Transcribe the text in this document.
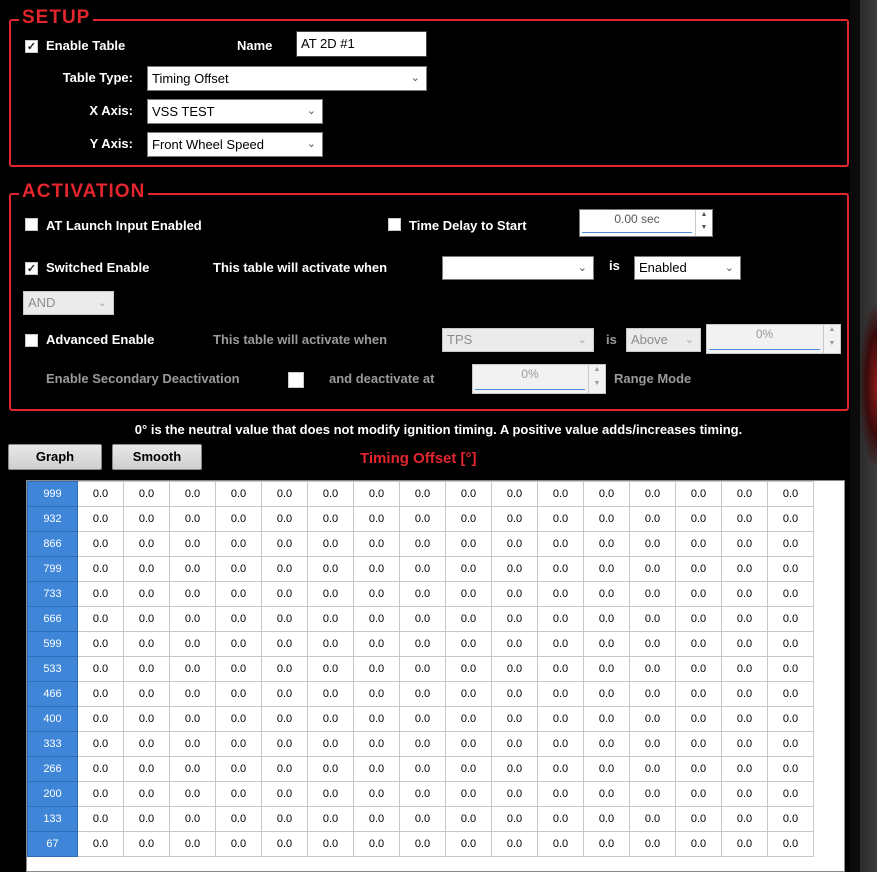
SETUP
✓
Enable Table	Name	AT 2D #1
Table Type:	Timing Offset	⌄
X Axis:	VSS TEST	⌄
Y Axis:	Front Wheel Speed	⌄
ACTIVATION
AT Launch Input Enabled	Time Delay to Start	0.00 sec	▲
▼
✓
Switched Enable	This table will activate when	⌄ is	Enabled	⌄
AND	⌄
Advanced Enable	This table will activate when	TPS	⌄ is	Above ⌄	0%	▲
▼
Enable Secondary Deactivation	and deactivate at	0%	▲
▼	Range Mode
0° is the neutral value that does not modify ignition timing. A positive value adds/increases timing.
Graph	Smooth	Timing Offset [°]
999	0.0	0.0	0.0	0.0	0.0	0.0	0.0	0.0	0.0	0.0	0.0	0.0	0.0	0.0	0.0	0.0
932	0.0	0.0	0.0	0.0	0.0	0.0	0.0	0.0	0.0	0.0	0.0	0.0	0.0	0.0	0.0	0.0
866	0.0	0.0	0.0	0.0	0.0	0.0	0.0	0.0	0.0	0.0	0.0	0.0	0.0	0.0	0.0	0.0
799	0.0	0.0	0.0	0.0	0.0	0.0	0.0	0.0	0.0	0.0	0.0	0.0	0.0	0.0	0.0	0.0
733	0.0	0.0	0.0	0.0	0.0	0.0	0.0	0.0	0.0	0.0	0.0	0.0	0.0	0.0	0.0	0.0
666	0.0	0.0	0.0	0.0	0.0	0.0	0.0	0.0	0.0	0.0	0.0	0.0	0.0	0.0	0.0	0.0
599	0.0	0.0	0.0	0.0	0.0	0.0	0.0	0.0	0.0	0.0	0.0	0.0	0.0	0.0	0.0	0.0
533	0.0	0.0	0.0	0.0	0.0	0.0	0.0	0.0	0.0	0.0	0.0	0.0	0.0	0.0	0.0	0.0
466	0.0	0.0	0.0	0.0	0.0	0.0	0.0	0.0	0.0	0.0	0.0	0.0	0.0	0.0	0.0	0.0
400	0.0	0.0	0.0	0.0	0.0	0.0	0.0	0.0	0.0	0.0	0.0	0.0	0.0	0.0	0.0	0.0
333	0.0	0.0	0.0	0.0	0.0	0.0	0.0	0.0	0.0	0.0	0.0	0.0	0.0	0.0	0.0	0.0
266	0.0	0.0	0.0	0.0	0.0	0.0	0.0	0.0	0.0	0.0	0.0	0.0	0.0	0.0	0.0	0.0
200	0.0	0.0	0.0	0.0	0.0	0.0	0.0	0.0	0.0	0.0	0.0	0.0	0.0	0.0	0.0	0.0
133	0.0	0.0	0.0	0.0	0.0	0.0	0.0	0.0	0.0	0.0	0.0	0.0	0.0	0.0	0.0	0.0
67	0.0	0.0	0.0	0.0	0.0	0.0	0.0	0.0	0.0	0.0	0.0	0.0	0.0	0.0	0.0	0.0
